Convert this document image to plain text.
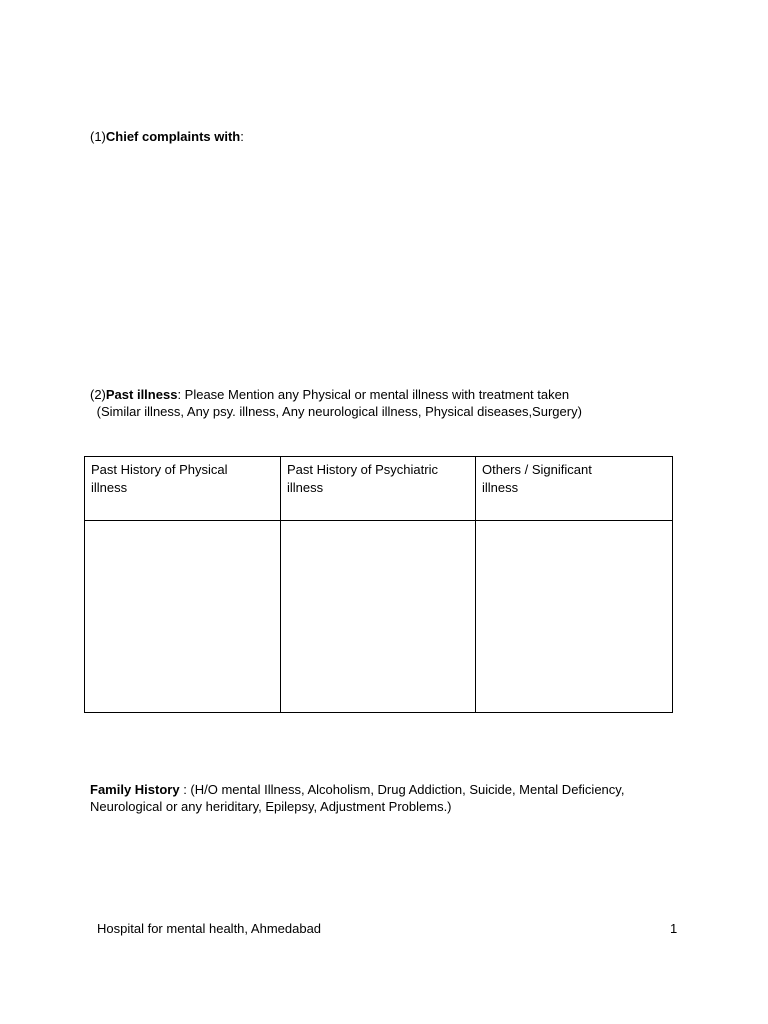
(1)Chief complaints with:
(2)Past illness: Please Mention any Physical or mental illness with treatment taken
(Similar illness, Any psy. illness, Any neurological illness, Physical diseases,Surgery)
Past History of Physical illness	Past History of Psychiatric illness	Others / Significant illness

Family History : (H/O mental Illness, Alcoholism, Drug Addiction, Suicide, Mental Deficiency,
Neurological or any heriditary, Epilepsy, Adjustment Problems.)
Hospital for mental health, Ahmedabad	1
